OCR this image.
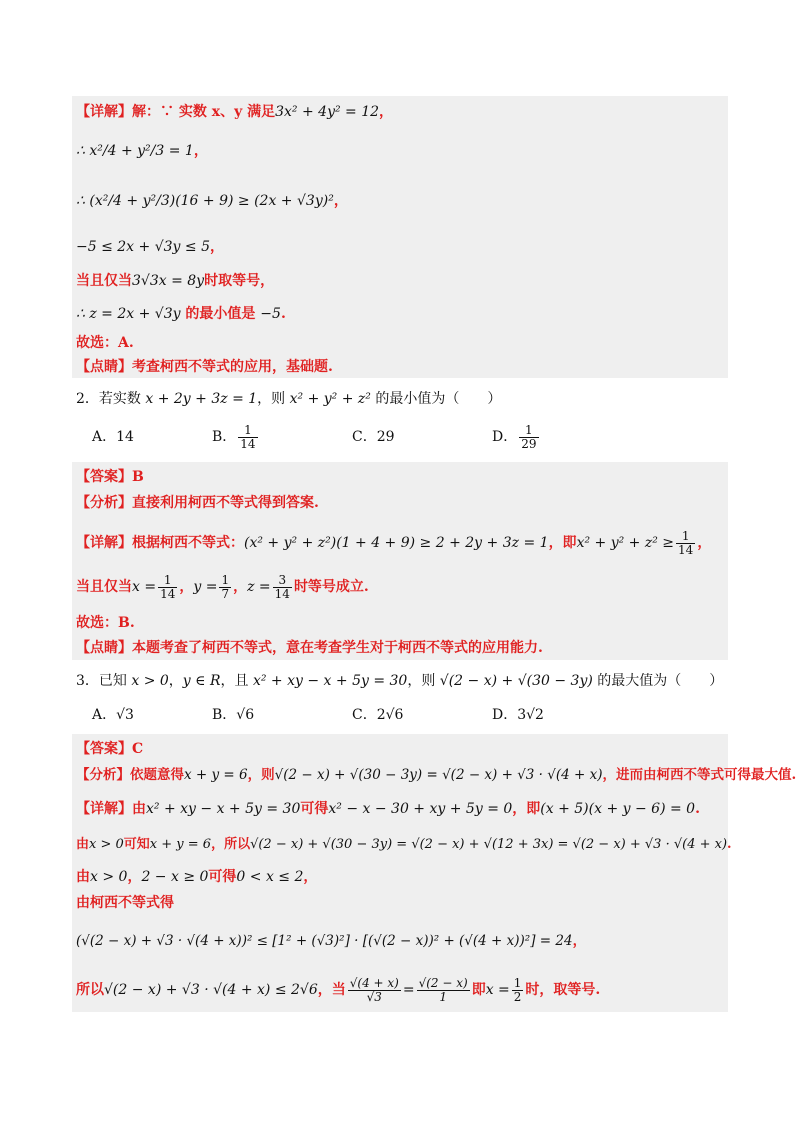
【详解】解：∵ 实数 x、y 满足3x² + 4y² = 12，
∴ x²/4 + y²/3 = 1，
∴ (x²/4 + y²/3)(16 + 9) ≥ (2x + √3y)²，
−5 ≤ 2x + √3y ≤ 5，
当且仅当3√3x = 8y时取等号，
∴ z = 2x + √3y 的最小值是 −5.
故选：A.
【点睛】考查柯西不等式的应用，基础题.
2．若实数 x + 2y + 3z = 1，则 x² + y² + z² 的最小值为（　　）
A．14	B． $\frac{1}{14}$	C．29	D． $\frac{1}{29}$
【答案】B
【分析】直接利用柯西不等式得到答案.
【详解】根据柯西不等式：(x² + y² + z²)(1 + 4 + 9) ≥ 2 + 2y + 3z = 1，即$x^2 + y^2 + z^2 \ge \frac{1}{14}$ ，
当且仅当$x = \frac{1}{14}$ ，$y = \frac{1}{7}$ ，$z = \frac{3}{14}$ 时等号成立.
故选：B.
【点睛】本题考查了柯西不等式，意在考查学生对于柯西不等式的应用能力.
3．已知 x > 0，y ∈ R，且 x² + xy − x + 5y = 30，则 √(2 − x) + √(30 − 3y) 的最大值为（　　）
A．√3	B．√6	C．2√6	D．3√2
【答案】C
【分析】依题意得x + y = 6，则√(2 − x) + √(30 − 3y) = √(2 − x) + √3 · √(4 + x)，进而由柯西不等式可得最大值.
【详解】由x² + xy − x + 5y = 30可得x² − x − 30 + xy + 5y = 0，即(x + 5)(x + y − 6) = 0.
由x > 0可知x + y = 6，所以√(2 − x) + √(30 − 3y) = √(2 − x) + √(12 + 3x) = √(2 − x) + √3 · √(4 + x).
由x > 0，2 − x ≥ 0可得0 < x ≤ 2，
由柯西不等式得
(√(2 − x) + √3 · √(4 + x))² ≤ [1² + (√3)²] · [(√(2 − x))² + (√(4 + x))²] = 24，
所以√(2 − x) + √3 · √(4 + x) ≤ 2√6，当 $\frac{√(4 + x)}{√3} = \frac{√(2 - x)}{1}$ 即$x = \frac{1}{2}$ 时，取等号.
